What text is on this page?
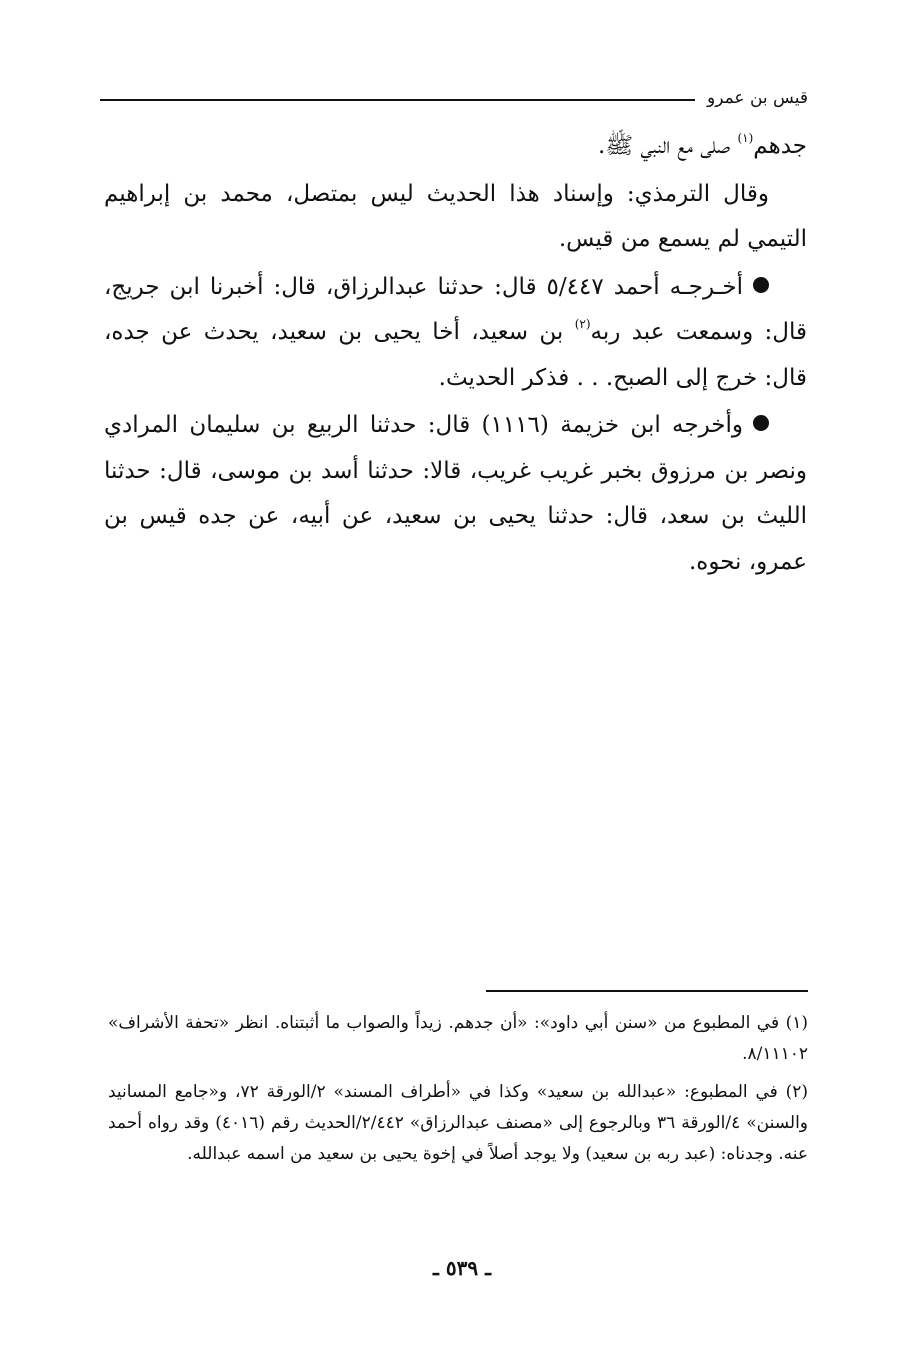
قيس بن عمرو

جدهم$^{(١)}$ صلى مع النبي ﷺ.

وقال الترمذي: وإسناد هذا الحديث ليس بمتصل، محمد بن إبراهيم التيمي لم يسمع من قيس.

أخـرجـه أحمد ٥/٤٤٧ قال: حدثنا عبدالرزاق، قال: أخبرنا ابن جريج، قال: وسمعت عبد ربه$^{(٢)}$ بن سعيد، أخا يحيى بن سعيد، يحدث عن جده، قال: خرج إلى الصبح. . . فذكر الحديث.

وأخرجه ابن خزيمة (١١١٦) قال: حدثنا الربيع بن سليمان المرادي ونصر بن مرزوق بخبر غريب غريب، قالا: حدثنا أسد بن موسى، قال: حدثنا الليث بن سعد، قال: حدثنا يحيى بن سعيد، عن أبيه، عن جده قيس بن عمرو، نحوه.

(١) في المطبوع من «سنن أبي داود»: «أن جدهم. زيداً والصواب ما أثبتناه. انظر «تحفة الأشراف» ٨/١١١٠٢.

(٢) في المطبوع: «عبدالله بن سعيد» وكذا في «أطراف المسند» ٢/الورقة ٧٢، و«جامع المسانيد والسنن» ٤/الورقة ٣٦ وبالرجوع إلى «مصنف عبدالرزاق» ٢/٤٤٢/الحديث رقم (٤٠١٦) وقد رواه أحمد عنه. وجدناه: (عبد ربه بن سعيد) ولا يوجد أصلاً في إخوة يحيى بن سعيد من اسمه عبدالله.

ـ ٥٣٩ ـ
